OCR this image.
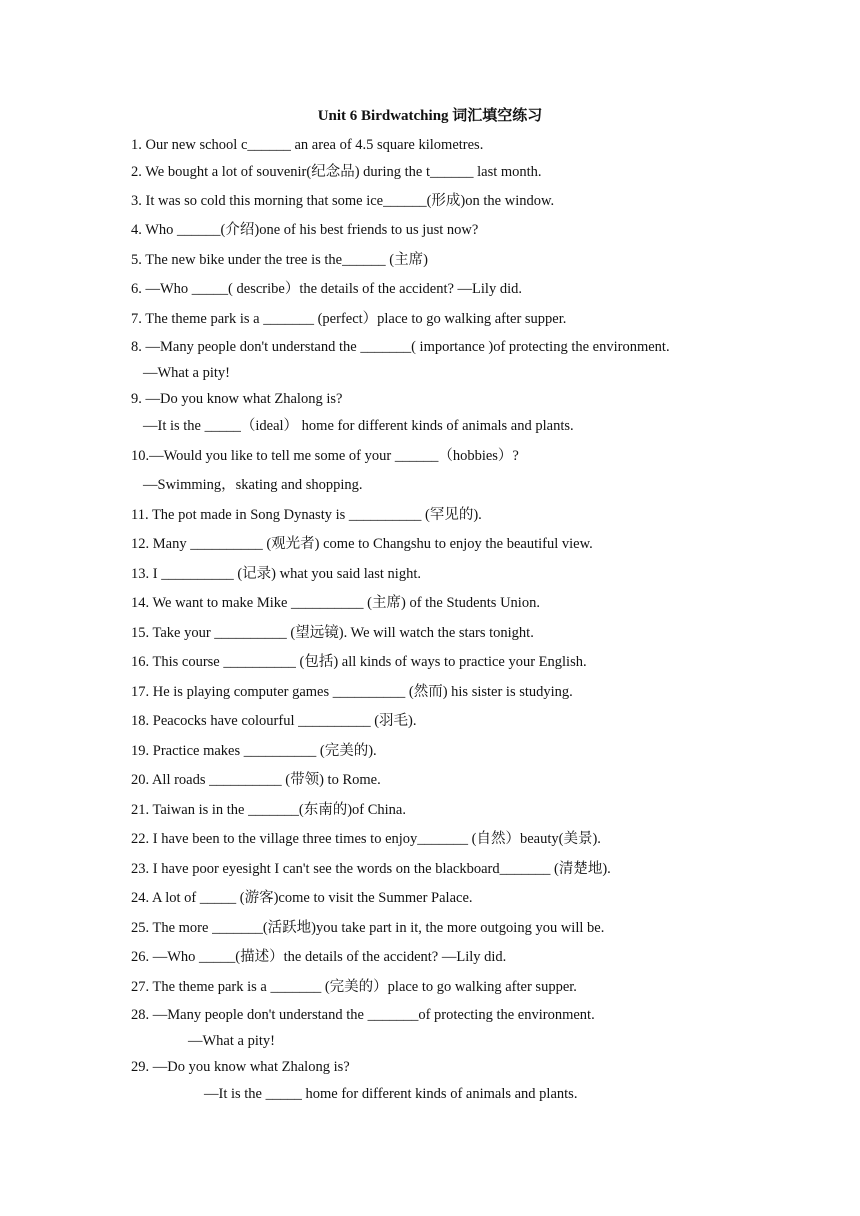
Unit 6 Birdwatching 词汇填空练习
1. Our new school c______ an area of 4.5 square kilometres.
2. We bought a lot of souvenir(纪念品) during the t______ last month.
3. It was so cold this morning that some ice______(形成)on the window.
4. Who ______(介绍)one of his best friends to us just now?
5. The new bike under the tree is the______ (主席)
6. —Who _____( describe）the details of the accident? —Lily did.
7. The theme park is a _______ (perfect）place to go walking after supper.
8. —Many people don't understand the _______( importance )of protecting the environment.
—What a pity!
9. —Do you know what Zhalong is?
—It is the _____（ideal） home for different kinds of animals and plants.
10.—Would you like to tell me some of your ______（hobbies）?
—Swimming，skating and shopping.
11. The pot made in Song Dynasty is __________ (罕见的).
12. Many __________ (观光者) come to Changshu to enjoy the beautiful view.
13. I __________ (记录) what you said last night.
14. We want to make Mike __________ (主席) of the Students Union.
15. Take your __________ (望远镜). We will watch the stars tonight.
16. This course __________ (包括) all kinds of ways to practice your English.
17. He is playing computer games __________ (然而) his sister is studying.
18. Peacocks have colourful __________ (羽毛).
19. Practice makes __________ (完美的).
20. All roads __________ (带领) to Rome.
21. Taiwan is in the _______(东南的)of China.
22. I have been to the village three times to enjoy_______ (自然）beauty(美景).
23. I have poor eyesight I can't see the words on the blackboard_______ (清楚地).
24. A lot of _____ (游客)come to visit the Summer Palace.
25. The more _______(活跃地)you take part in it, the more outgoing you will be.
26. —Who _____(描述）the details of the accident? —Lily did.
27. The theme park is a _______ (完美的）place to go walking after supper.
28. —Many people don't understand the _______of protecting the environment.
—What a pity!
29. —Do you know what Zhalong is?
—It is the _____ home for different kinds of animals and plants.
